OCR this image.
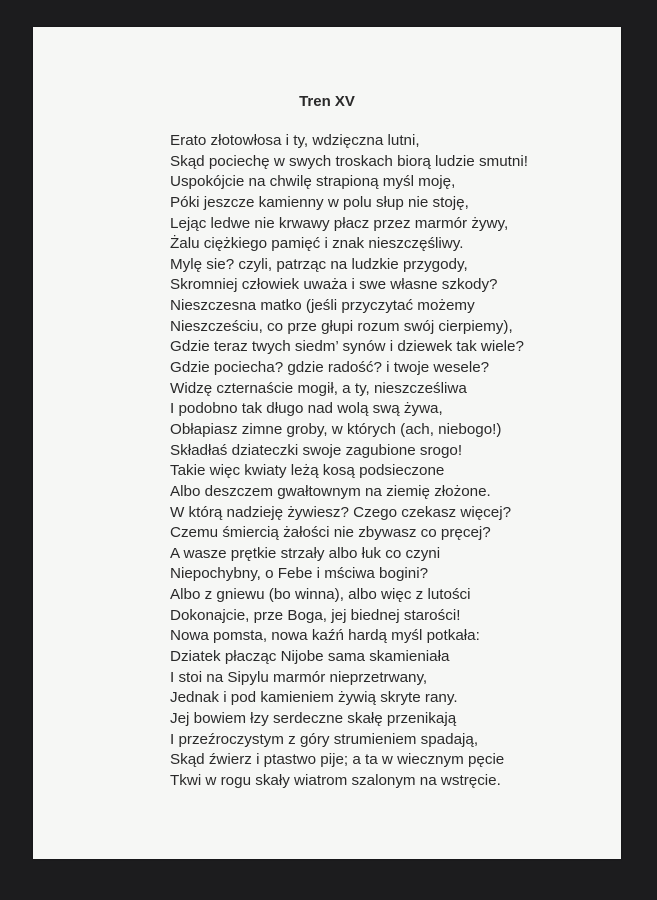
Tren XV
Erato złotowłosa i ty, wdzięczna lutni,
Skąd pociechę w swych troskach biorą ludzie smutni!
Uspokójcie na chwilę strapioną myśl moję,
Póki jeszcze kamienny w polu słup nie stoję,
Lejąc ledwe nie krwawy płacz przez marmór żywy,
Żalu ciężkiego pamięć i znak nieszczęśliwy.
Mylę sie? czyli, patrząc na ludzkie przygody,
Skromniej człowiek uważa i swe własne szkody?
Nieszczesna matko (jeśli przyczytać możemy
Nieszcześciu, co prze głupi rozum swój cierpiemy),
Gdzie teraz twych siedm’ synów i dziewek tak wiele?
Gdzie pociecha? gdzie radość? i twoje wesele?
Widzę czternaście mogił, a ty, nieszcześliwa
I podobno tak długo nad wolą swą żywa,
Obłapiasz zimne groby, w których (ach, niebogo!)
Składłaś dziateczki swoje zagubione srogo!
Takie więc kwiaty leżą kosą podsieczone
Albo deszczem gwałtownym na ziemię złożone.
W którą nadzieję żywiesz? Czego czekasz więcej?
Czemu śmiercią żałości nie zbywasz co pręcej?
A wasze prętkie strzały albo łuk co czyni
Niepochybny, o Febe i mściwa bogini?
Albo z gniewu (bo winna), albo więc z lutości
Dokonajcie, prze Boga, jej biednej starości!
Nowa pomsta, nowa kaźń hardą myśl potkała:
Dziatek płacząc Nijobe sama skamieniała
I stoi na Sipylu marmór nieprzetrwany,
Jednak i pod kamieniem żywią skryte rany.
Jej bowiem łzy serdeczne skałę przenikają
I przeźroczystym z góry strumieniem spadają,
Skąd źwierz i ptastwo pije; a ta w wiecznym pęcie
Tkwi w rogu skały wiatrom szalonym na wstręcie.
